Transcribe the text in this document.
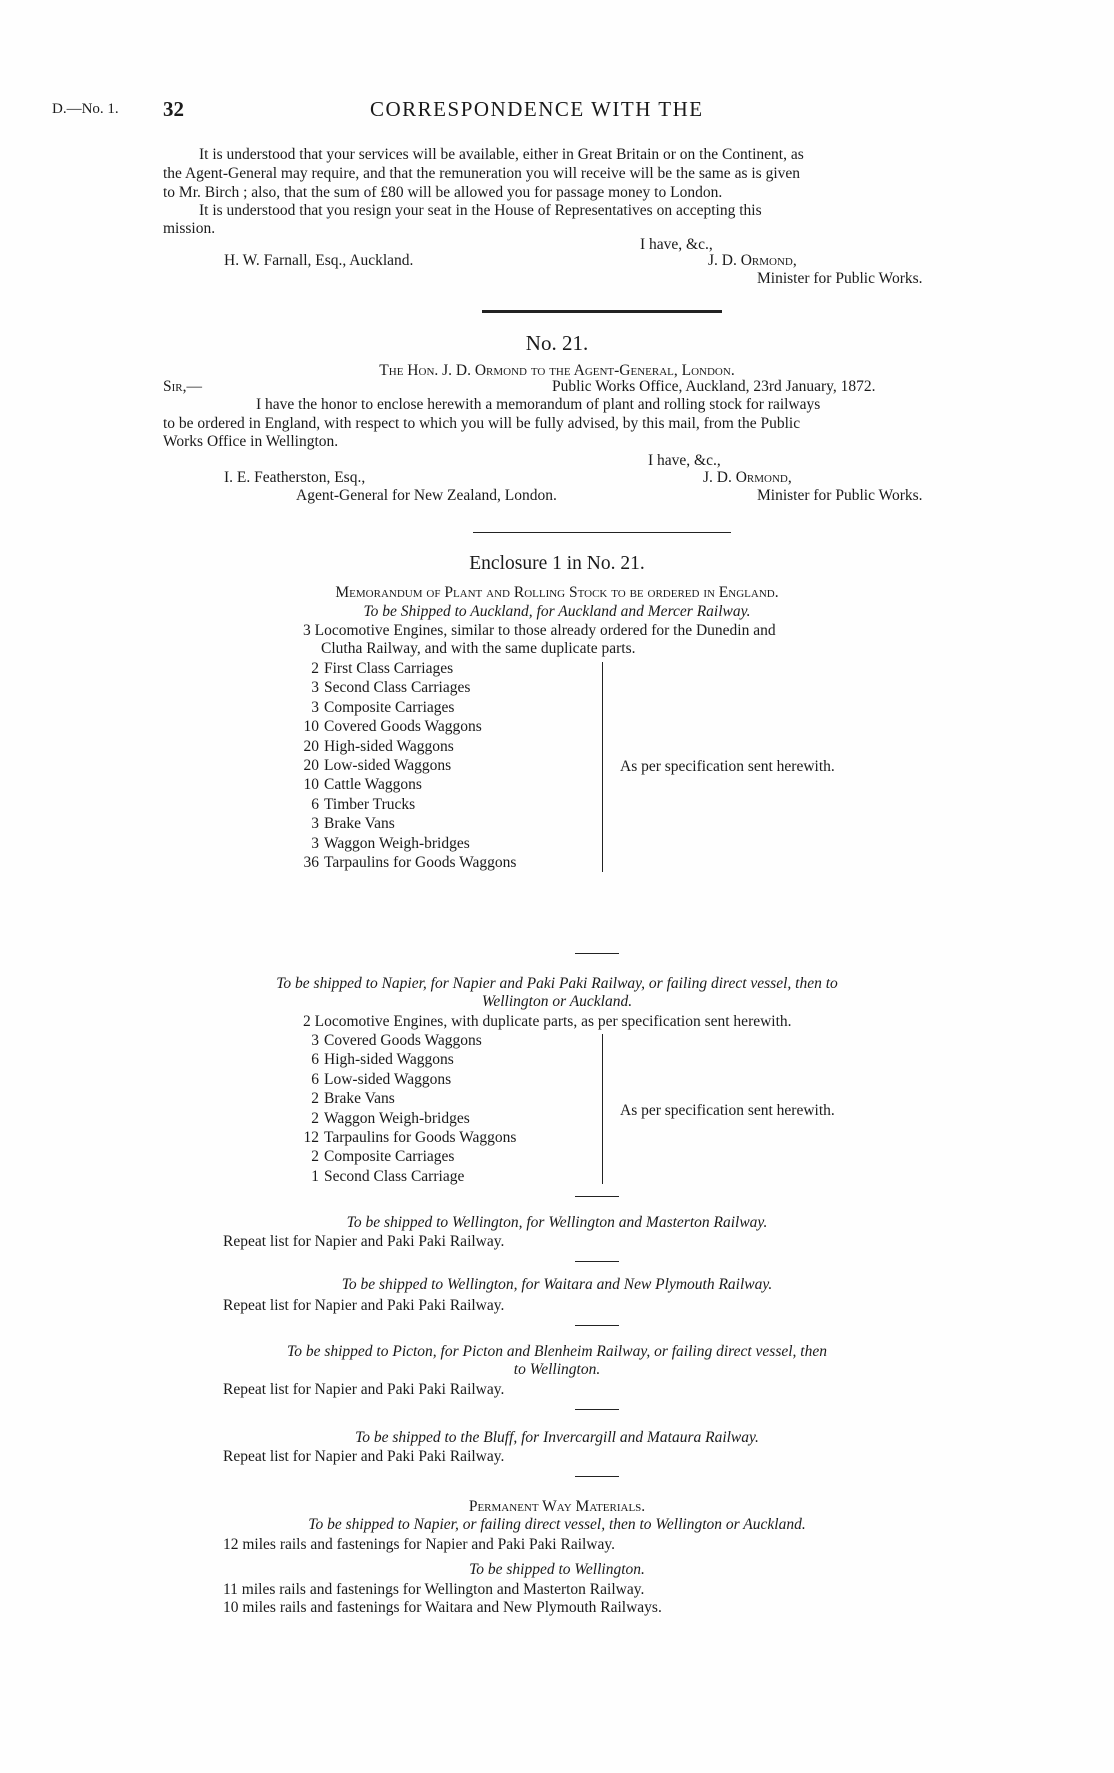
D.—No. 1. 32	CORRESPONDENCE WITH THE
It is understood that your services will be available, either in Great Britain or on the Continent, as
the Agent-General may require, and that the remuneration you will receive will be the same as is given
to Mr. Birch ; also, that the sum of £80 will be allowed you for passage money to London.
It is understood that you resign your seat in the House of Representatives on accepting this
mission.
I have, &c.,
H. W. Farnall, Esq., Auckland.	J. D. Ormond,
Minister for Public Works.
No. 21.
The Hon. J. D. Ormond to the Agent-General, London.
Sir,—	Public Works Office, Auckland, 23rd January, 1872.
I have the honor to enclose herewith a memorandum of plant and rolling stock for railways
to be ordered in England, with respect to which you will be fully advised, by this mail, from the Public
Works Office in Wellington.
I have, &c.,
I. E. Featherston, Esq.,	J. D. Ormond,
Agent-General for New Zealand, London.	Minister for Public Works.
Enclosure 1 in No. 21.
Memorandum of Plant and Rolling Stock to be ordered in England.
To be Shipped to Auckland, for Auckland and Mercer Railway.
3 Locomotive Engines, similar to those already ordered for the Dunedin and
Clutha Railway, and with the same duplicate parts.
2 First Class Carriages
3 Second Class Carriages
3 Composite Carriages
10 Covered Goods Waggons
20 High-sided Waggons
20 Low-sided Waggons
10 Cattle Waggons
6 Timber Trucks
3 Brake Vans
3 Waggon Weigh-bridges
36 Tarpaulins for Goods Waggons
As per specification sent herewith.
To be shipped to Napier, for Napier and Paki Paki Railway, or failing direct vessel, then to
Wellington or Auckland.
2 Locomotive Engines, with duplicate parts, as per specification sent herewith.
3 Covered Goods Waggons
6 High-sided Waggons
6 Low-sided Waggons
2 Brake Vans
2 Waggon Weigh-bridges
12 Tarpaulins for Goods Waggons
2 Composite Carriages
1 Second Class Carriage
As per specification sent herewith.
To be shipped to Wellington, for Wellington and Masterton Railway.
Repeat list for Napier and Paki Paki Railway.
To be shipped to Wellington, for Waitara and New Plymouth Railway.
Repeat list for Napier and Paki Paki Railway.
To be shipped to Picton, for Picton and Blenheim Railway, or failing direct vessel, then
to Wellington.
Repeat list for Napier and Paki Paki Railway.
To be shipped to the Bluff, for Invercargill and Mataura Railway.
Repeat list for Napier and Paki Paki Railway.
Permanent Way Materials.
To be shipped to Napier, or failing direct vessel, then to Wellington or Auckland.
12 miles rails and fastenings for Napier and Paki Paki Railway.
To be shipped to Wellington.
11 miles rails and fastenings for Wellington and Masterton Railway.
10 miles rails and fastenings for Waitara and New Plymouth Railways.
